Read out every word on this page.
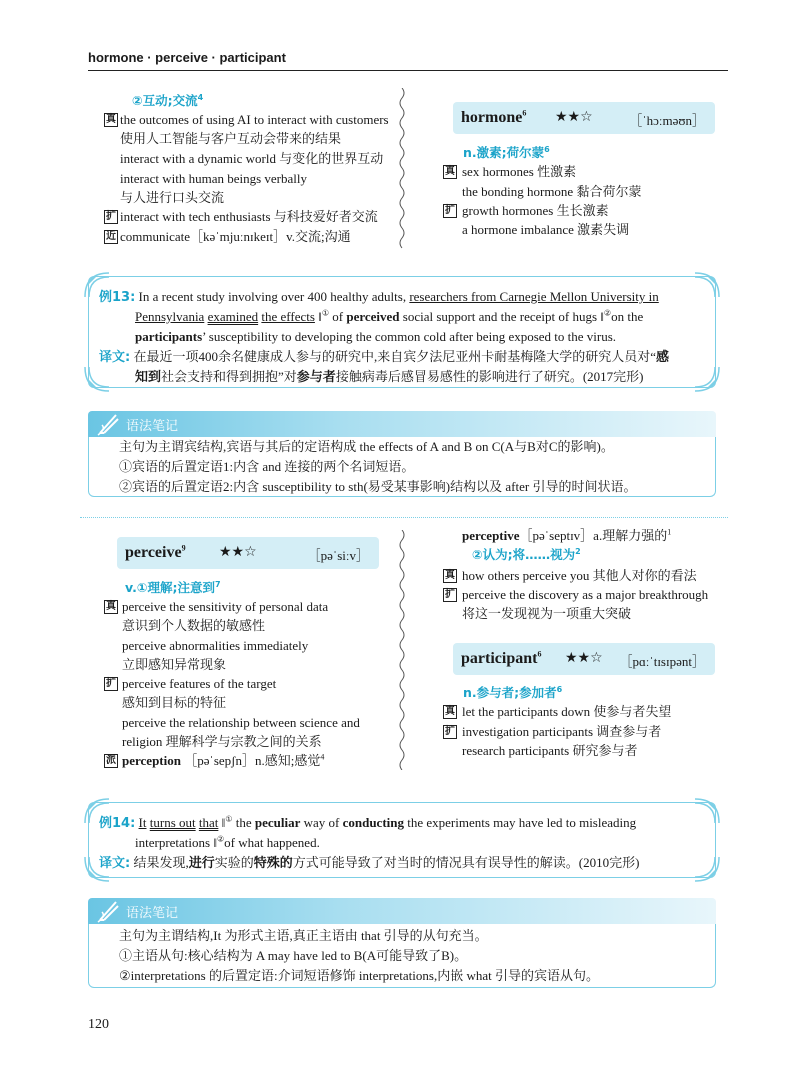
hormone · perceive · participant
②互动;交流$^4$
真 the outcomes of using AI to interact with customers
使用人工智能与客户互动会带来的结果
interact with a dynamic world 与变化的世界互动
interact with human beings verbally
与人进行口头交流
扩 interact with tech enthusiasts 与科技爱好者交流
近 communicate［kəˈmjuːnɪkeɪt］v.交流;沟通
hormone$^6$ ★★☆	［ˈhɔːməʊn］
n.激素;荷尔蒙$^6$
真 sex hormones 性激素
the bonding hormone 黏合荷尔蒙
扩 growth hormones 生长激素
a hormone imbalance 激素失调
例13: In a recent study involving over 400 healthy adults, researchers from Carnegie Mellon University in
Pennsylvania examined the effects ‖① of perceived social support and the receipt of hugs ‖②on the
participants’ susceptibility to developing the common cold after being exposed to the virus.
译文: 在最近一项400余名健康成人参与的研究中,来自宾夕法尼亚州卡耐基梅隆大学的研究人员对“感
知到社会支持和得到拥抱”对参与者接触病毒后感冒易感性的影响进行了研究。(2017完形)
语法笔记
主句为主谓宾结构,宾语与其后的定语构成 the effects of A and B on C(A与B对C的影响)。
①宾语的后置定语1:内含 and 连接的两个名词短语。
②宾语的后置定语2:内含 susceptibility to sth(易受某事影响)结构以及 after 引导的时间状语。
perceive$^9$ ★★☆	［pəˈsiːv］
v.①理解;注意到$^7$
真 perceive the sensitivity of personal data
意识到个人数据的敏感性
perceive abnormalities immediately
立即感知异常现象
扩 perceive features of the target
感知到目标的特征
perceive the relationship between science and
religion 理解科学与宗教之间的关系
派 perception ［pəˈsepʃn］n.感知;感觉$^4$
perceptive［pəˈseptɪv］a.理解力强的$^1$
②认为;将……视为$^2$
真 how others perceive you 其他人对你的看法
扩 perceive the discovery as a major breakthrough
将这一发现视为一项重大突破
participant$^6$ ★★☆ ［pɑːˈtɪsɪpənt］
n.参与者;参加者$^6$
真 let the participants down 使参与者失望
扩 investigation participants 调查参与者
research participants 研究参与者
例14: It turns out that ‖① the peculiar way of conducting the experiments may have led to misleading
interpretations ‖②of what happened.
译文: 结果发现,进行实验的特殊的方式可能导致了对当时的情况具有误导性的解读。(2010完形)
语法笔记
主句为主谓结构,It 为形式主语,真正主语由 that 引导的从句充当。
①主语从句:核心结构为 A may have led to B(A可能导致了B)。
②interpretations 的后置定语:介词短语修饰 interpretations,内嵌 what 引导的宾语从句。
120
